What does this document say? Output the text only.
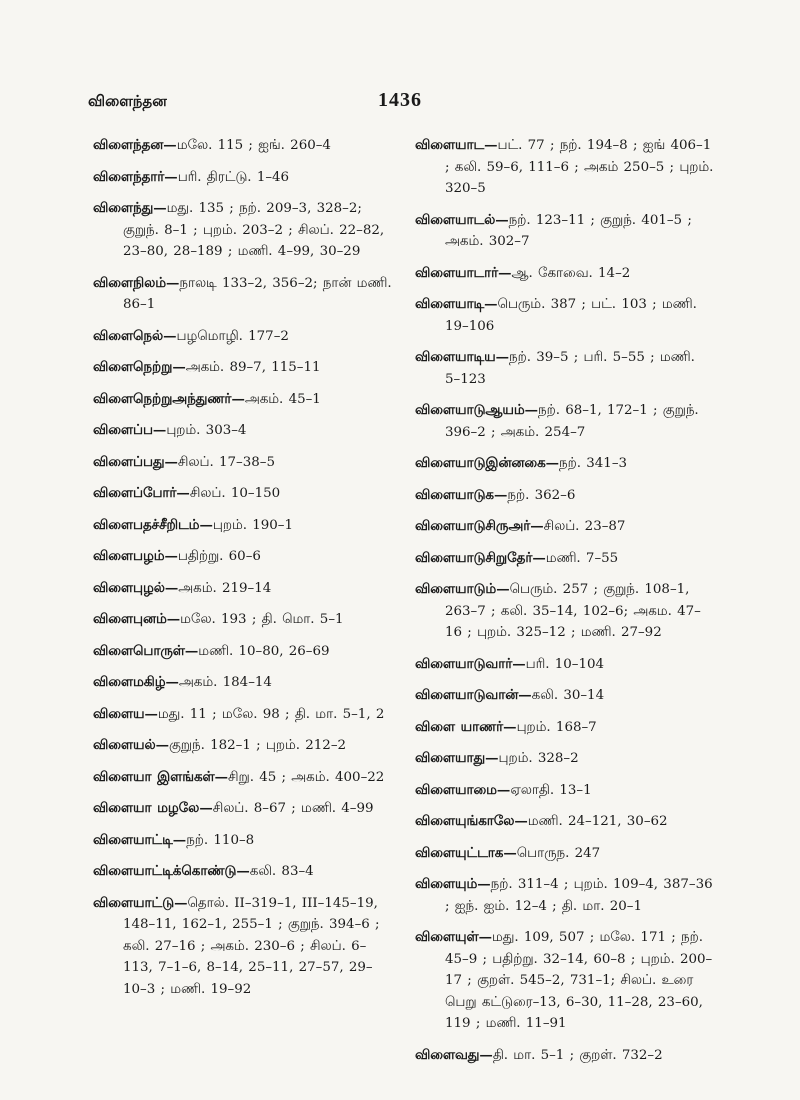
விளைந்தன	1436

விளைந்தன—மலே. 115 ; ஐங். 260–4

விளைந்தார்—பரி. திரட்டு. 1–46

விளைந்து—மது. 135 ; நற். 209–3, 328–2; குறுந். 8–1 ; புறம். 203–2 ; சிலப். 22–82, 23–80, 28–189 ; மணி. 4–99, 30–29

விளைநிலம்—நாலடி 133–2, 356–2; நான் மணி. 86–1

விளைநெல்—பழமொழி. 177–2

விளைநெற்று—அகம். 89–7, 115–11

விளைநெற்றுஅந்துணர்—அகம். 45–1

விளைப்ப—புறம். 303–4

விளைப்பது—சிலப். 17–38–5

விளைப்போர்—சிலப். 10–150

விளைபதச்சீறிடம்—புறம். 190–1

விளைபழம்—பதிற்று. 60–6

விளைபுழல்—அகம். 219–14

விளைபுனம்—மலே. 193 ; தி. மொ. 5–1

விளைபொருள்—மணி. 10–80, 26–69

விளைமகிழ்—அகம். 184–14

விளைய—மது. 11 ; மலே. 98 ; தி. மா. 5–1, 2

விளையல்—குறுந். 182–1 ; புறம். 212–2

விளையா இளங்கள்—சிறு. 45 ; அகம். 400–22

விளையா மழலே—சிலப். 8–67 ; மணி. 4–99

விளையாட்டி—நற். 110–8

விளையாட்டிக்கொண்டு—கலி. 83–4

விளையாட்டு—தொல். II–319–1, III–145–19, 148–11, 162–1, 255–1 ; குறுந். 394–6 ; கலி. 27–16 ; அகம். 230–6 ; சிலப். 6–113, 7–1–6, 8–14, 25–11, 27–57, 29–10–3 ; மணி. 19–92

விளையாட—பட். 77 ; நற். 194–8 ; ஐங் 406–1 ; கலி. 59–6, 111–6 ; அகம் 250–5 ; புறம். 320–5

விளையாடல்—நற். 123–11 ; குறுந். 401–5 ; அகம். 302–7

விளையாடார்—ஆ. கோவை. 14–2

விளையாடி—பெரும். 387 ; பட். 103 ; மணி. 19–106

விளையாடிய—நற். 39–5 ; பரி. 5–55 ; மணி. 5–123

விளையாடுஆயம்—நற். 68–1, 172–1 ; குறுந். 396–2 ; அகம். 254–7

விளையாடுஇன்னகை—நற். 341–3

விளையாடுக—நற். 362–6

விளையாடுசிருஅர்—சிலப். 23–87

விளையாடுசிறுதேர்—மணி. 7–55

விளையாடும்—பெரும். 257 ; குறுந். 108–1, 263–7 ; கலி. 35–14, 102–6; அகம. 47–16 ; புறம். 325–12 ; மணி. 27–92

விளையாடுவார்—பரி. 10–104

விளையாடுவான்—கலி. 30–14

விளை யாணர்—புறம். 168–7

விளையாது—புறம். 328–2

விளையாமை—ஏலாதி. 13–1

விளையுங்காலே—மணி. 24–121, 30–62

விளையுட்டாக—பொருந. 247

விளையும்—நற். 311–4 ; புறம். 109–4, 387–36 ; ஐந். ஐம். 12–4 ; தி. மா. 20–1

விளையுள்—மது. 109, 507 ; மலே. 171 ; நற். 45–9 ; பதிற்று. 32–14, 60–8 ; புறம். 200–17 ; குறள். 545–2, 731–1; சிலப். உரை பெறு கட்டுரை–13, 6–30, 11–28, 23–60, 119 ; மணி. 11–91

விளைவது—தி. மா. 5–1 ; குறள். 732–2
